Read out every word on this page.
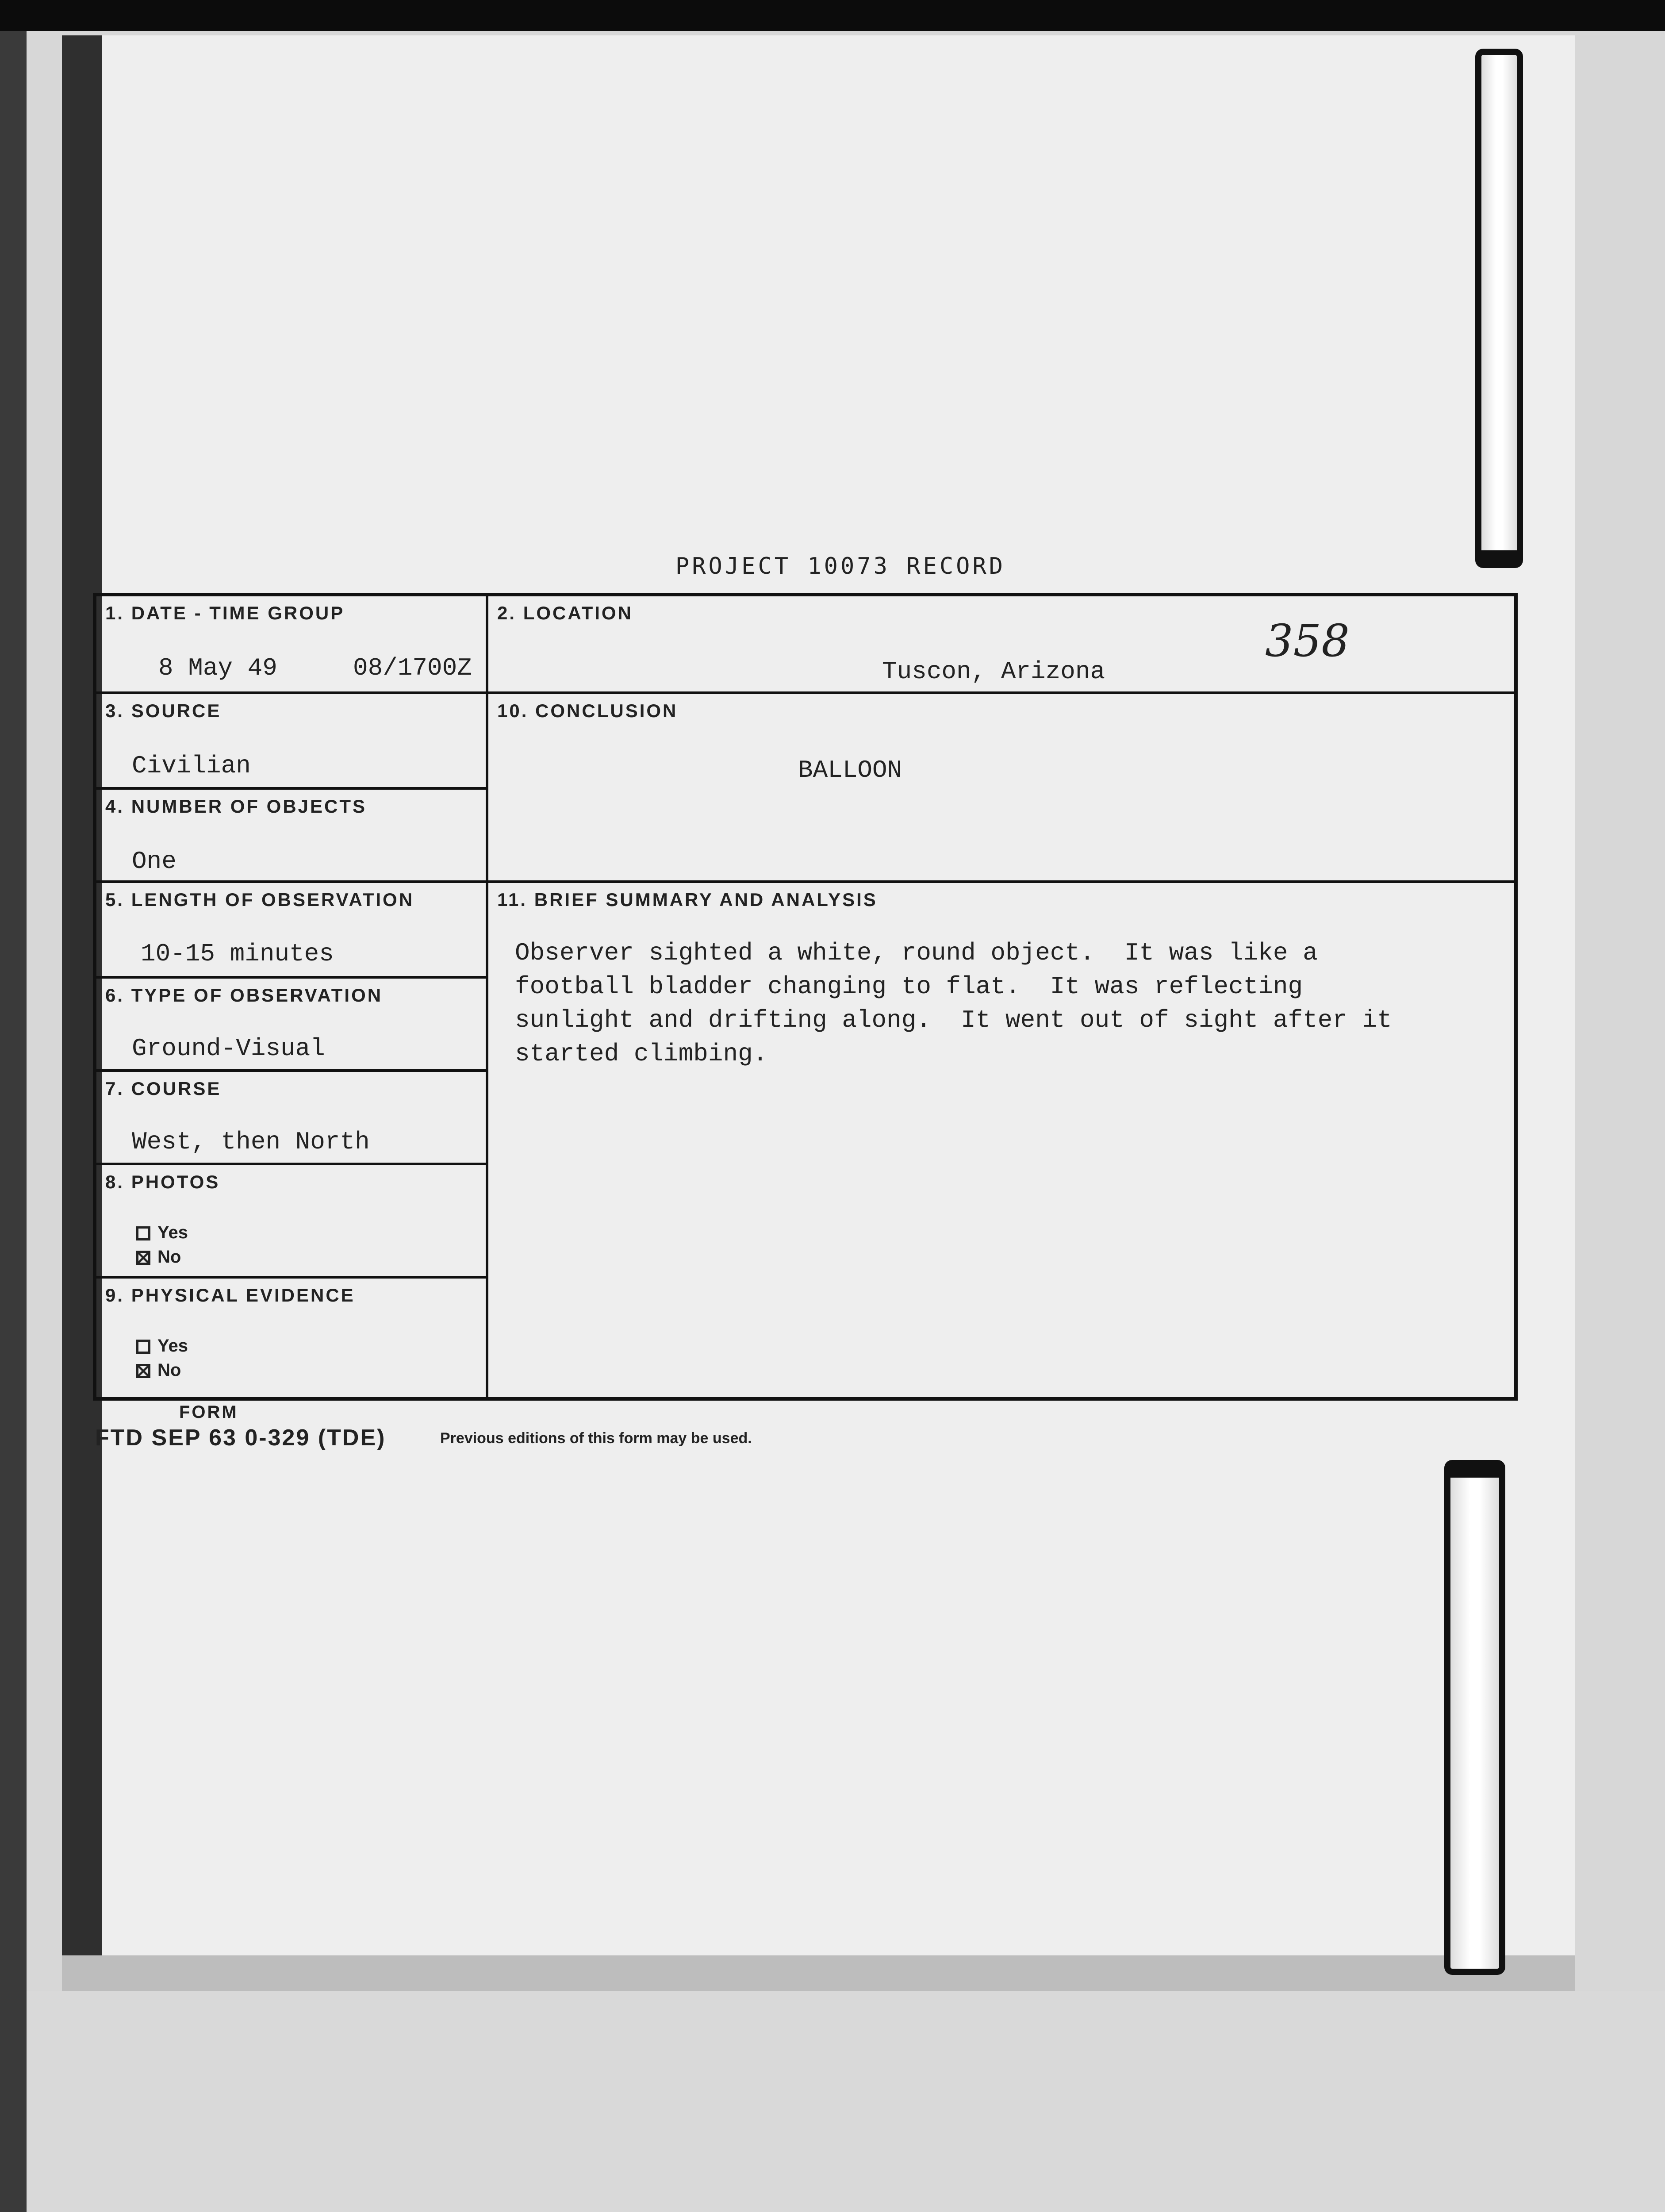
PROJECT 10073 RECORD
358
1. DATE - TIME GROUP
8 May 49	08/1700Z
2. LOCATION
Tuscon, Arizona
3. SOURCE
Civilian
4. NUMBER OF OBJECTS
One
10. CONCLUSION
BALLOON
5. LENGTH OF OBSERVATION
10-15 minutes
6. TYPE OF OBSERVATION
Ground-Visual
7. COURSE
West, then North
8. PHOTOS
Yes
No
9. PHYSICAL EVIDENCE
Yes
No
11. BRIEF SUMMARY AND ANALYSIS
Observer sighted a white, round object.  It was like a
football bladder changing to flat.  It was reflecting
sunlight and drifting along.  It went out of sight after it
started climbing.
FORM
FTD SEP 63 0-329 (TDE)	Previous editions of this form may be used.
